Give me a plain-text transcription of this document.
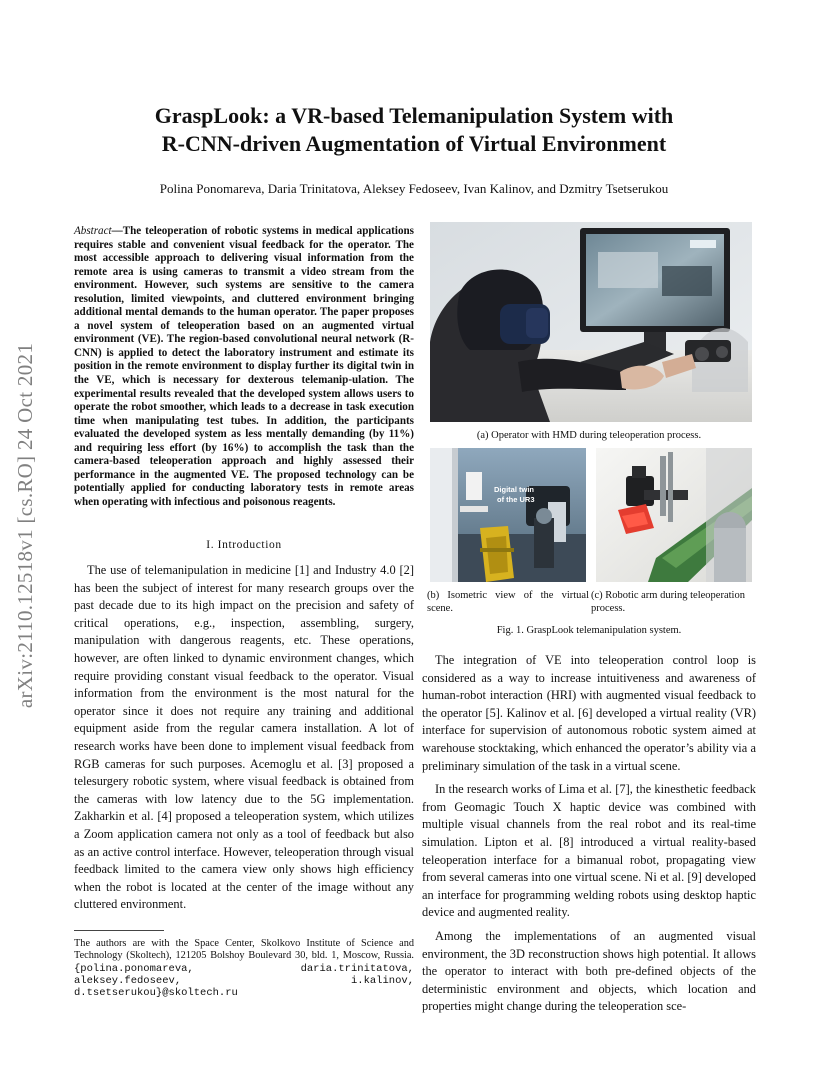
arXiv:2110.12518v1 [cs.RO] 24 Oct 2021
GraspLook: a VR-based Telemanipulation System with
R-CNN-driven Augmentation of Virtual Environment
Polina Ponomareva, Daria Trinitatova, Aleksey Fedoseev, Ivan Kalinov, and Dzmitry Tsetserukou
Abstract—The teleoperation of robotic systems in medical applications requires stable and convenient visual feedback for the operator. The most accessible approach to delivering visual information from the remote area is using cameras to transmit a video stream from the environment. However, such systems are sensitive to the camera resolution, limited viewpoints, and cluttered environment bringing additional mental demands to the human operator. The paper proposes a novel system of teleoperation based on an augmented virtual environment (VE). The region-based convolutional neural network (R-CNN) is applied to detect the laboratory instrument and estimate its position in the remote environment to display further its digital twin in the VE, which is necessary for dexterous telemanip-ulation. The experimental results revealed that the developed system allows users to operate the robot smoother, which leads to a decrease in task execution time when manipulating test tubes. In addition, the participants evaluated the developed system as less mentally demanding (by 11%) and requiring less effort (by 16%) to accomplish the task than the camera-based teleoperation approach and highly assessed their performance in the augmented VE. The proposed technology can be potentially applied for conducting laboratory tests in remote areas when operating with infectious and poisonous reagents.
I. Introduction

The use of telemanipulation in medicine [1] and Industry 4.0 [2] has been the subject of interest for many research groups over the past decade due to its high impact on the precision and safety of critical operations, e.g., inspection, assembling, surgery, manipulation with dangerous reagents, etc. These operations, however, are often linked to dynamic environment changes, which require providing constant visual feedback to the operator. Visual information from the environment is the most natural for the operator since it does not require any training and additional equipment aside from the regular camera installation. A lot of research works have been done to implement visual feedback from RGB cameras for such purposes. Acemoglu et al. [3] proposed a telesurgery robotic system, where visual feedback is obtained from the cameras with low latency due to the 5G implementation. Zakharkin et al. [4] proposed a teleoperation system, which utilizes a Zoom application camera not only as a tool of feedback but also as an active control interface. However, teleoperation through visual feedback limited to the camera view only shows high efficiency when the robot is located at the center of the image without any cluttered environment.

The authors are with the Space Center, Skolkovo Institute of Science and Technology (Skoltech), 121205 Bolshoy Boulevard 30, bld. 1, Moscow, Russia. {polina.ponomareva, daria.trinitatova, aleksey.fedoseev, i.kalinov, d.tsetserukou}@skoltech.ru
(a) Operator with HMD during teleoperation process.
Digital twin
of the UR3
(b) Isometric view of the virtual scene.
(c) Robotic arm during teleoperation process.
Fig. 1. GraspLook telemanipulation system.

The integration of VE into teleoperation control loop is considered as a way to increase intuitiveness and awareness of human-robot interaction (HRI) with augmented visual feedback to the operator [5]. Kalinov et al. [6] developed a virtual reality (VR) interface for supervision of autonomous robotic system aimed at warehouse stocktaking, which enhanced the operator’s ability via a preliminary simulation of the task in a virtual scene.

In the research works of Lima et al. [7], the kinesthetic feedback from Geomagic Touch X haptic device was combined with multiple visual channels from the real robot and its real-time simulation. Lipton et al. [8] introduced a virtual reality-based teleoperation interface for a bimanual robot, propagating view from several cameras into one virtual scene. Ni et al. [9] developed an interface for programming welding robots using desktop haptic device and augmented reality.

Among the implementations of an augmented visual environment, the 3D reconstruction shows high potential. It allows the operator to interact with both pre-defined objects of the deterministic environment and objects, which location and properties might change during the teleoperation sce-
